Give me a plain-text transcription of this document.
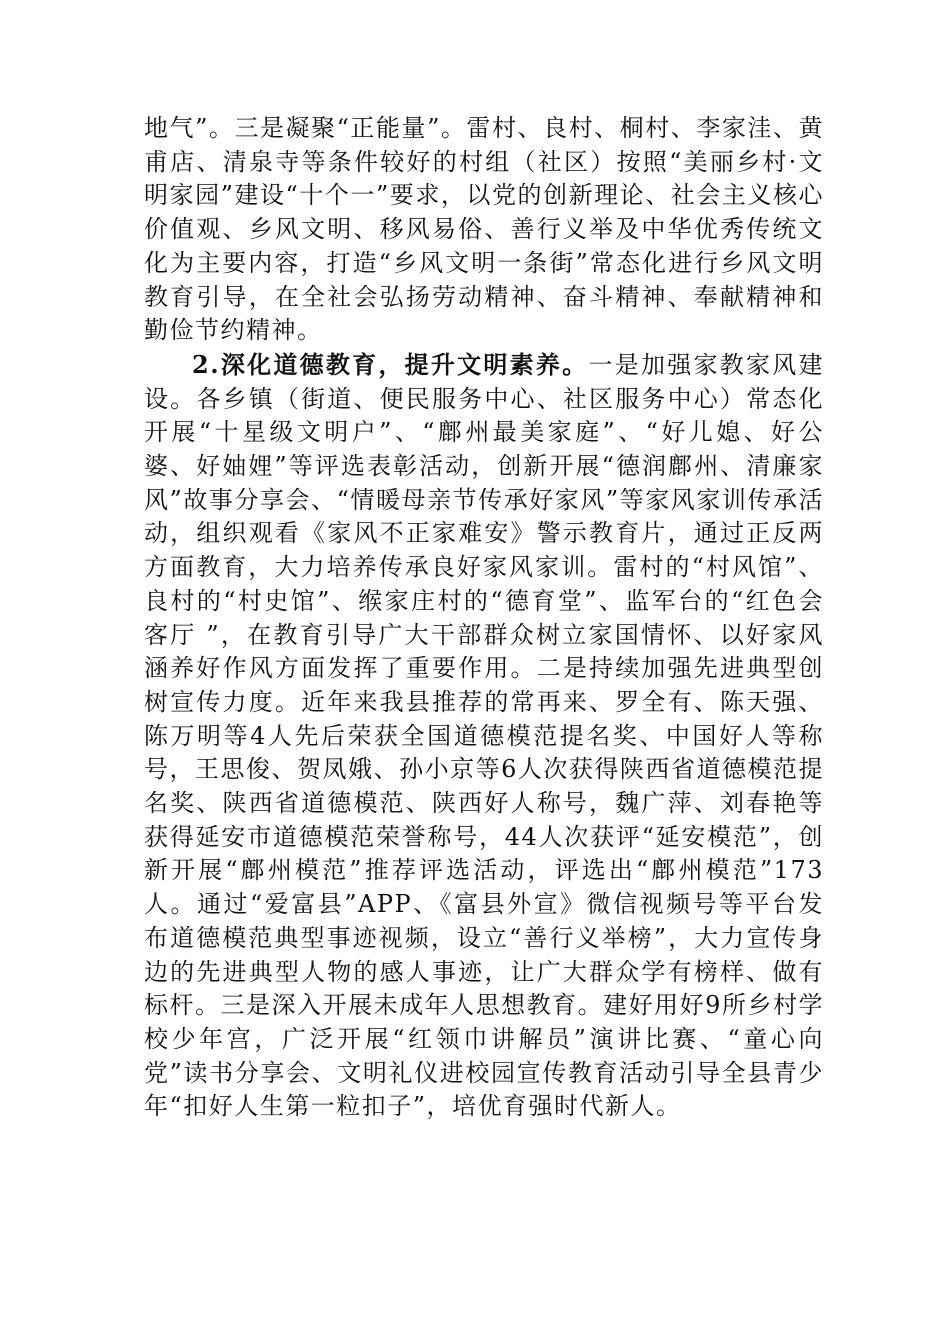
地气”。三是凝聚“正能量”。雷村、良村、桐村、李家洼、黄甫店、清泉寺等条件较好的村组（社区）按照“美丽乡村·文明家园”建设“十个一”要求，以党的创新理论、社会主义核心价值观、乡风文明、移风易俗、善行义举及中华优秀传统文化为主要内容，打造“乡风文明一条街”常态化进行乡风文明教育引导，在全社会弘扬劳动精神、奋斗精神、奉献精神和勤俭节约精神。

2.深化道德教育，提升文明素养。一是加强家教家风建设。各乡镇（街道、便民服务中心、社区服务中心）常态化开展“十星级文明户”、“鄜州最美家庭”、“好儿媳、好公婆、好妯娌”等评选表彰活动，创新开展“德润鄜州、清廉家风”故事分享会、“情暖母亲节传承好家风”等家风家训传承活动，组织观看《家风不正家难安》警示教育片，通过正反两方面教育，大力培养传承良好家风家训。雷村的“村风馆”、良村的“村史馆”、缑家庄村的“德育堂”、监军台的“红色会客厅 ”，在教育引导广大干部群众树立家国情怀、以好家风涵养好作风方面发挥了重要作用。二是持续加强先进典型创树宣传力度。近年来我县推荐的常再来、罗全有、陈天强、陈万明等4人先后荣获全国道德模范提名奖、中国好人等称号，王思俊、贺凤娥、孙小京等6人次获得陕西省道德模范提名奖、陕西省道德模范、陕西好人称号，魏广萍、刘春艳等获得延安市道德模范荣誉称号，44人次获评“延安模范”，创新开展“鄜州模范”推荐评选活动，评选出“鄜州模范”173人。通过“爱富县”APP、《富县外宣》微信视频号等平台发布道德模范典型事迹视频，设立“善行义举榜”，大力宣传身边的先进典型人物的感人事迹，让广大群众学有榜样、做有标杆。三是深入开展未成年人思想教育。建好用好9所乡村学校少年宫，广泛开展“红领巾讲解员”演讲比赛、“童心向党”读书分享会、文明礼仪进校园宣传教育活动引导全县青少年“扣好人生第一粒扣子”，培优育强时代新人。
